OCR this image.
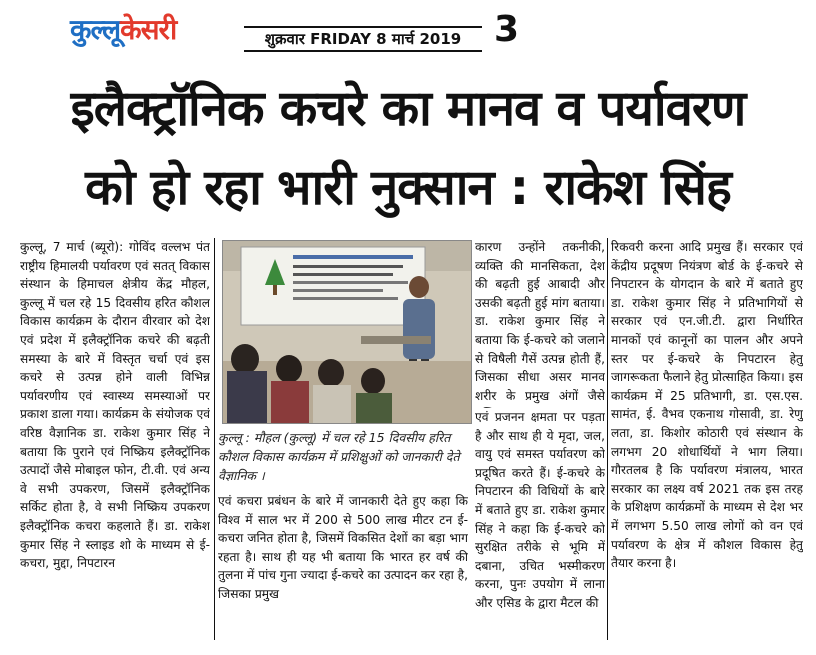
कुल्लूकेसरी	शुक्रवार FRIDAY 8 मार्च 2019 3
इलैक्ट्रॉनिक कचरे का मानव व पर्यावरण
को हो रहा भारी नुक्सान : राकेश सिंह
कुल्लू, 7 मार्च (ब्यूरो): गोविंद वल्लभ पंत राष्ट्रीय हिमालयी पर्यावरण एवं सतत् विकास संस्थान के हिमाचल क्षेत्रीय केंद्र मौहल, कुल्लू में चल रहे 15 दिवसीय हरित कौशल विकास कार्यक्रम के दौरान वीरवार को देश एवं प्रदेश में इलैक्ट्रॉनिक कचरे की बढ़ती समस्या के बारे में विस्तृत चर्चा एवं इस कचरे से उत्पन्न होने वाली विभिन्न पर्यावरणीय एवं स्वास्थ्य समस्याओं पर प्रकाश डाला गया। कार्यक्रम के संयोजक एवं वरिष्ठ वैज्ञानिक डा. राकेश कुमार सिंह ने बताया कि पुराने एवं निष्क्रिय इलैक्ट्रॉनिक उत्पादों जैसे मोबाइल फोन, टी.वी. एवं अन्य वे सभी उपकरण, जिसमें इलैक्ट्रॉनिक सर्किट होता है, वे सभी निष्क्रिय उपकरण इलैक्ट्रॉनिक कचरा कहलाते हैं। डा. राकेश कुमार सिंह ने स्लाइड शो के माध्यम से ई-कचरा, मुद्दा, निपटारन
कुल्लू : मौहल (कुल्लू) में चल रहे 15 दिवसीय हरित कौशल विकास कार्यक्रम में प्रशिक्षुओं को जानकारी देते वैज्ञानिक ।
एवं कचरा प्रबंधन के बारे में जानकारी देते हुए कहा कि विश्व में साल भर में 200 से 500 लाख मीटर टन ई-कचरा जनित होता है, जिसमें विकसित देशों का बड़ा भाग रहता है। साथ ही यह भी बताया कि भारत हर वर्ष की तुलना में पांच गुना ज्यादा ई-कचरे का उत्पादन कर रहा है, जिसका प्रमुख
कारण उन्होंने तकनीकी, व्यक्ति की मानसिकता, देश की बढ़ती हुई आबादी और उसकी बढ़ती हुई मांग बताया। डा. राकेश कुमार सिंह ने बताया कि ई-कचरे को जलाने से विषैली गैसें उत्पन्न होती हैं, जिसका सीधा असर मानव शरीर के प्रमुख अंगों जैसे
एवं प्रजनन क्षमता पर पड़ता है और साथ ही ये मृदा, जल, वायु एवं समस्त पर्यावरण को प्रदूषित करते हैं। ई-कचरे के निपटारन की विधियों के बारे में बताते हुए डा. राकेश कुमार सिंह ने कहा कि ई-कचरे को सुरक्षित तरीके से भूमि में दबाना, उचित भस्मीकरण करना, पुनः उपयोग में लाना और एसिड के द्वारा मैटल की
रिकवरी करना आदि प्रमुख हैं। सरकार एवं केंद्रीय प्रदूषण नियंत्रण बोर्ड के ई-कचरे से निपटारन के योगदान के बारे में बताते हुए डा. राकेश कुमार सिंह ने प्रतिभागियों से सरकार एवं एन.जी.टी. द्वारा निर्धारित मानकों एवं कानूनों का पालन और अपने स्तर पर ई-कचरे के निपटारन हेतु जागरूकता फैलाने हेतु प्रोत्साहित किया। इस कार्यक्रम में 25 प्रतिभागी, डा. एस.एस. सामंत, ई. वैभव एकनाथ गोसावी, डा. रेणु लता, डा. किशोर कोठारी एवं संस्थान के लगभग 20 शोधार्थियों ने भाग लिया। गौरतलब है कि पर्यावरण मंत्रालय, भारत सरकार का लक्ष्य वर्ष 2021 तक इस तरह के प्रशिक्षण कार्यक्रमों के माध्यम से देश भर में लगभग 5.50 लाख लोगों को वन एवं पर्यावरण के क्षेत्र में कौशल विकास हेतु तैयार करना है।
